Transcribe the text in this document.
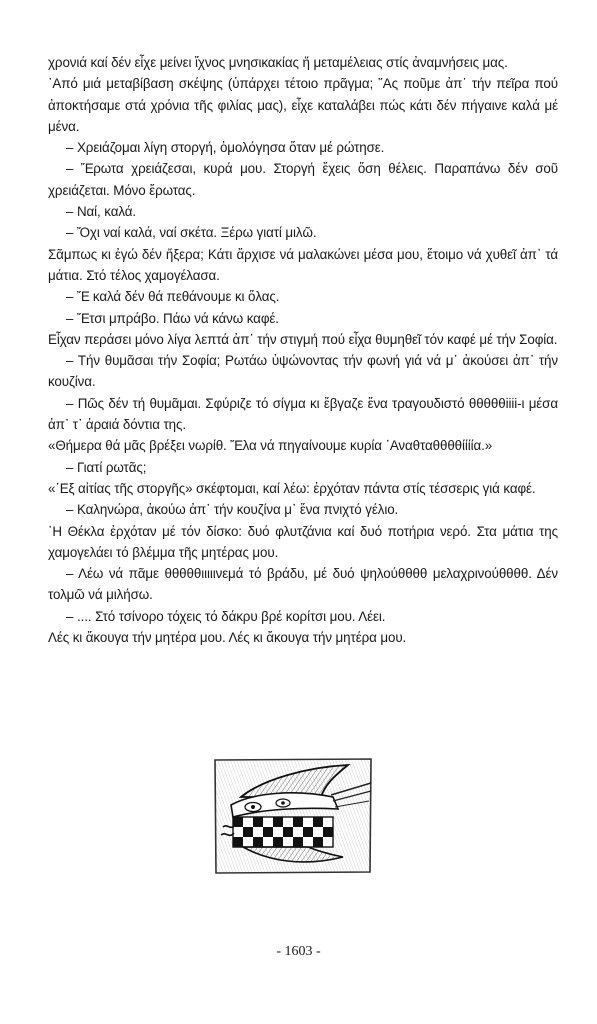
χρονιά καί δέν εἶχε μείνει ἴχνος μνησικακίας ἤ μεταμέλειας στίς ἀναμνήσεις μας.

᾿Από μιά μεταβίβαση σκέψης (ὑπάρχει τέτοιο πρᾶγμα; ῞Ας ποῦμε ἀπ᾿ τήν πεῖρα πού ἀποκτήσαμε στά χρόνια τῆς φιλίας μας), εἶχε καταλάβει πώς κάτι δέν πήγαινε καλά μέ μένα.

– Χρειάζομαι λίγη στοργή, ὁμολόγησα ὅταν μέ ρώτησε.

– Ἔρωτα χρειάζεσαι, κυρά μου. Στοργή ἔχεις ὅση θέλεις. Παραπάνω δέν σοῦ χρειάζεται. Μόνο ἔρωτας.

– Ναί, καλά.

– Ὄχι ναί καλά, ναί σκέτα. Ξέρω γιατί μιλῶ.

Σᾶμπως κι ἐγώ δέν ἤξερα; Κάτι ἄρχισε νά μαλακώνει μέσα μου, ἕτοιμο νά χυθεῖ ἀπ᾿ τά μάτια. Στό τέλος χαμογέλασα.

– Ἔ καλά δέν θά πεθάνουμε κι ὅλας.

– Ἔτσι μπράβο. Πάω νά κάνω καφέ.

Εἶχαν περάσει μόνο λίγα λεπτά ἀπ᾿ τήν στιγμή πού εἶχα θυμηθεῖ τόν καφέ μέ τήν Σοφία.

– Τήν θυμᾶσαι τήν Σοφία; Ρωτάω ὑψώνοντας τήν φωνή γιά νά μ᾿ ἀκούσει ἀπ᾿ τήν κουζίνα.

– Πῶς δέν τή θυμᾶμαι. Σφύριζε τό σίγμα κι ἔβγαζε ἕνα τραγουδιστό θθθθθiiii-ι μέσα ἀπ᾿ τ᾿ ἀραιά δόντια της.

«Θήμερα θά μᾶς βρέξει νωρίθ. Ἔλα νά πηγαίνουμε κυρία ᾿Αναθταθθθθίίίία.»

– Γιατί ρωτᾶς;

«᾿Εξ αἰτίας τῆς στοργῆς» σκέφτομαι, καί λέω: ἐρχόταν πάντα στίς τέσσερις γιά καφέ.

– Καληνώρα, ἀκούω ἀπ᾿ τήν κουζίνα μ᾿ ἕνα πνιχτό γέλιο.

῾Η Θέκλα ἐρχόταν μέ τόν δίσκο: δυό φλυτζάνια καί δυό ποτήρια νερό. Στα μάτια της χαμογελάει τό βλέμμα τῆς μητέρας μου.

– Λέω νά πᾶμε θθθθθιιιιινεμά τό βράδυ, μέ δυό ψηλούθθθθ μελαχρινούθθθθ. Δέν τολμῶ νά μιλήσω.

– .... Στό τσίνορο τόχεις τό δάκρυ βρέ κορίτσι μου. Λέει.

Λές κι ἄκουγα τήν μητέρα μου. Λές κι ἄκουγα τήν μητέρα μου.

- 1603 -
